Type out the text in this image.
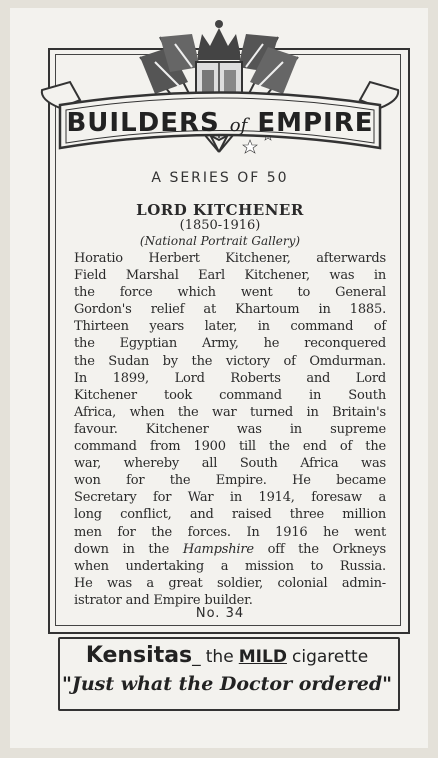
BUILDERS of EMPIRE
A SERIES OF 50
LORD KITCHENER
(1850-1916)
(National Portrait Gallery)
Horatio Herbert Kitchener, afterwards
Field Marshal Earl Kitchener, was in
the force which went to General
Gordon's relief at Khartoum in 1885.
Thirteen years later, in command of
the Egyptian Army, he reconquered
the Sudan by the victory of Omdurman.
In 1899, Lord Roberts and Lord
Kitchener took command in South
Africa, when the war turned in Britain's
favour. Kitchener was in supreme
command from 1900 till the end of the
war, whereby all South Africa was
won for the Empire. He became
Secretary for War in 1914, foresaw a
long conflict, and raised three million
men for the forces. In 1916 he went
down in the Hampshire off the Orkneys
when undertaking a mission to Russia.
He was a great soldier, colonial admin-
istrator and Empire builder.
No. 34
Kensitas_ the MILD cigarette
"Just what the Doctor ordered"
